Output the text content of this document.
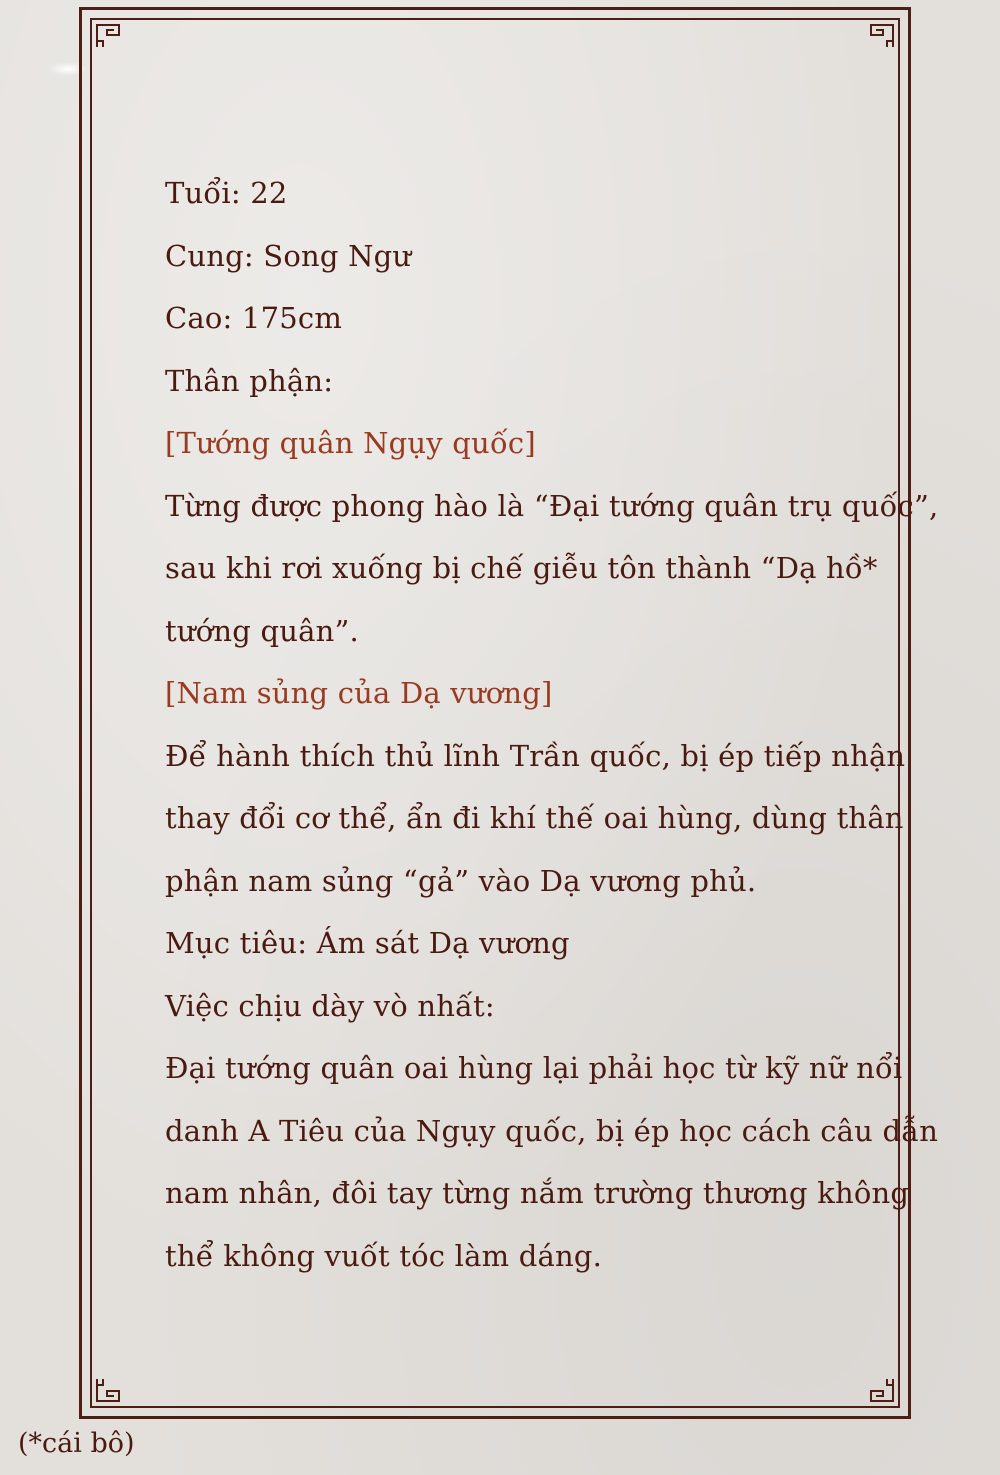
Tuổi: 22
Cung: Song Ngư
Cao: 175cm
Thân phận:
[Tướng quân Ngụy quốc]
Từng được phong hào là “Đại tướng quân trụ quốc”,
sau khi rơi xuống bị chế giễu tôn thành “Dạ hồ*
tướng quân”.
[Nam sủng của Dạ vương]
Để hành thích thủ lĩnh Trần quốc, bị ép tiếp nhận
thay đổi cơ thể, ẩn đi khí thế oai hùng, dùng thân
phận nam sủng “gả” vào Dạ vương phủ.
Mục tiêu: Ám sát Dạ vương
Việc chịu dày vò nhất:
Đại tướng quân oai hùng lại phải học từ kỹ nữ nổi
danh A Tiêu của Ngụy quốc, bị ép học cách câu dẫn
nam nhân, đôi tay từng nắm trường thương không
thể không vuốt tóc làm dáng.
(*cái bô)
